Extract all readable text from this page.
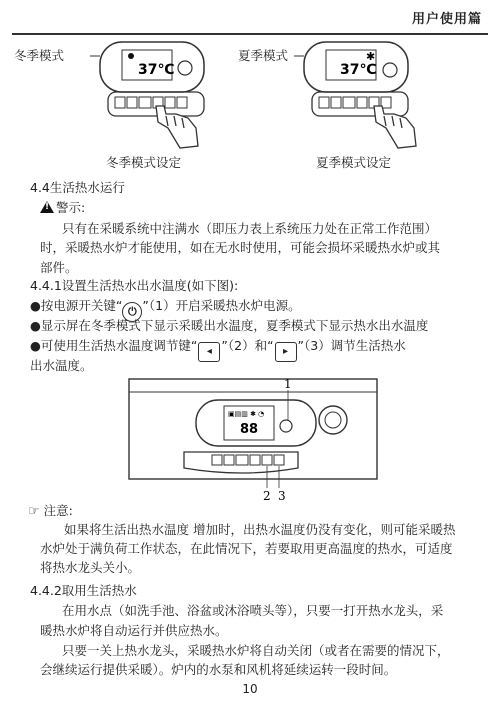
用户使用篇
冬季模式	夏季模式
37℃
✱
37℃
冬季模式设定	夏季模式设定
4.4生活热水运行
!警示:
只有在采暖系统中注满水（即压力表上系统压力处在正常工作范围）
时，采暖热水炉才能使用，如在无水时使用，可能会损坏采暖热水炉或其
部件。
4.4.1设置生活热水出水温度(如下图):
●按电源开关键“ ⏻ ”（1）开启采暖热水炉电源。
●显示屏在冬季模式下显示采暖出水温度，夏季模式下显示热水出水温度
●可使用生活热水温度调节键“ ◂ ”（2）和“ ▸ ”（3）调节生活热水
出水温度。
▣▤▥ ✱ ◔
88
1
2 3
☞ 注意:
如果将生活出热水温度 增加时，出热水温度仍没有变化，则可能采暖热
水炉处于满负荷工作状态，在此情况下，若要取用更高温度的热水，可适度
将热水龙头关小。
4.4.2取用生活热水
在用水点（如洗手池、浴盆或沐浴喷头等），只要一打开热水龙头，采
暖热水炉将自动运行并供应热水。
只要一关上热水龙头，采暖热水炉将自动关闭（或者在需要的情况下，
会继续运行提供采暖）。炉内的水泵和风机将延续运转一段时间。
10
